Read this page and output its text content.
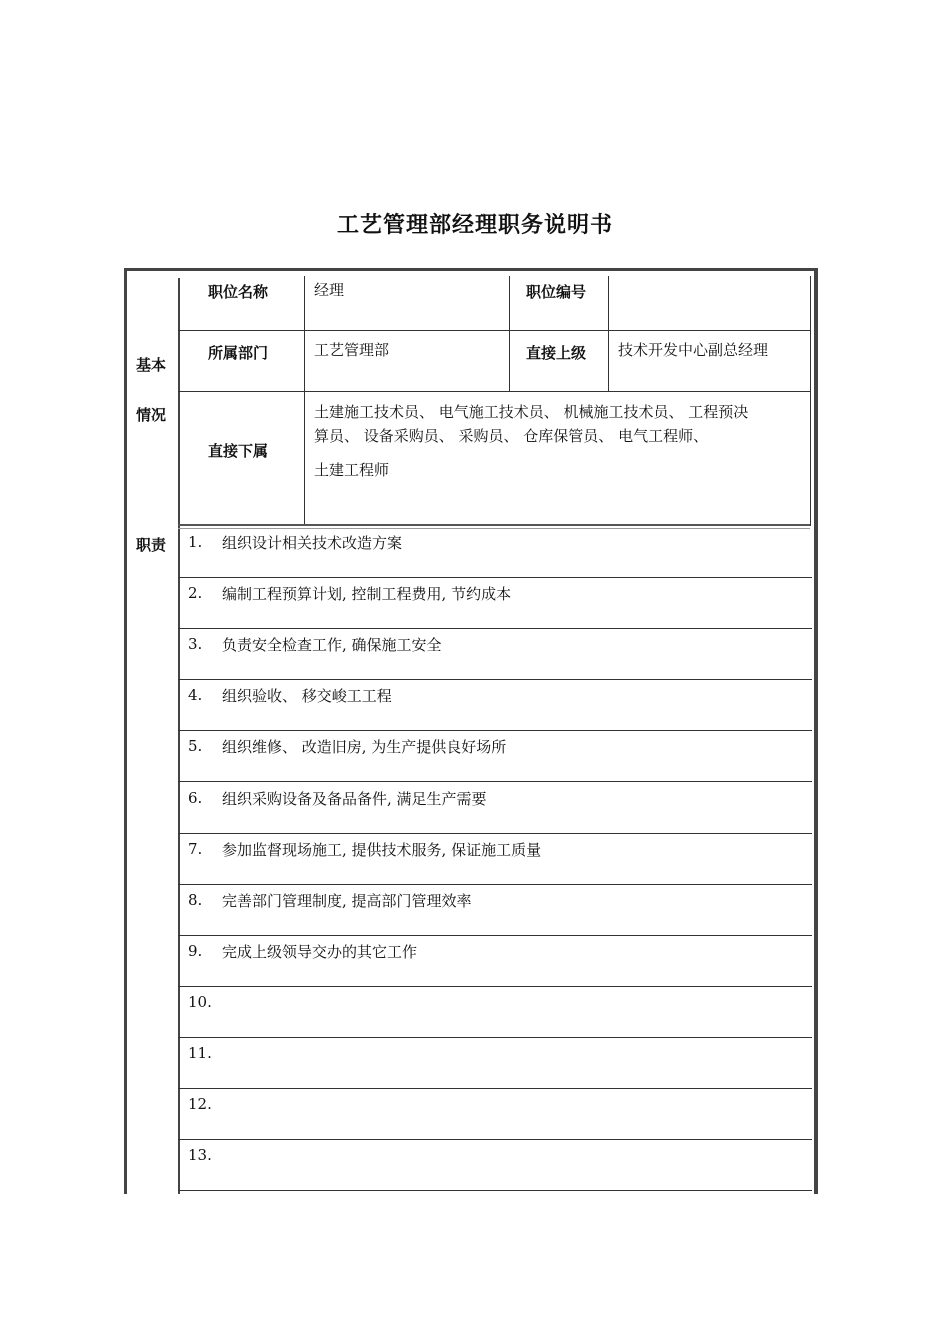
工艺管理部经理职务说明书
基本
情况
职位名称	经理	职位编号
所属部门	工艺管理部	直接上级 技术开发中心副总经理
直接下属
土建施工技术员、 电气施工技术员、 机械施工技术员、 工程预决
算员、 设备采购员、 采购员、 仓库保管员、 电气工程师、
土建工程师
职责 1. 组织设计相关技术改造方案
2. 编制工程预算计划, 控制工程费用, 节约成本
3. 负责安全检查工作, 确保施工安全
4. 组织验收、 移交峻工工程
5. 组织维修、 改造旧房, 为生产提供良好场所
6. 组织采购设备及备品备件, 满足生产需要
7. 参加监督现场施工, 提供技术服务, 保证施工质量
8. 完善部门管理制度, 提高部门管理效率
9. 完成上级领导交办的其它工作
10.
11.
12.
13.
